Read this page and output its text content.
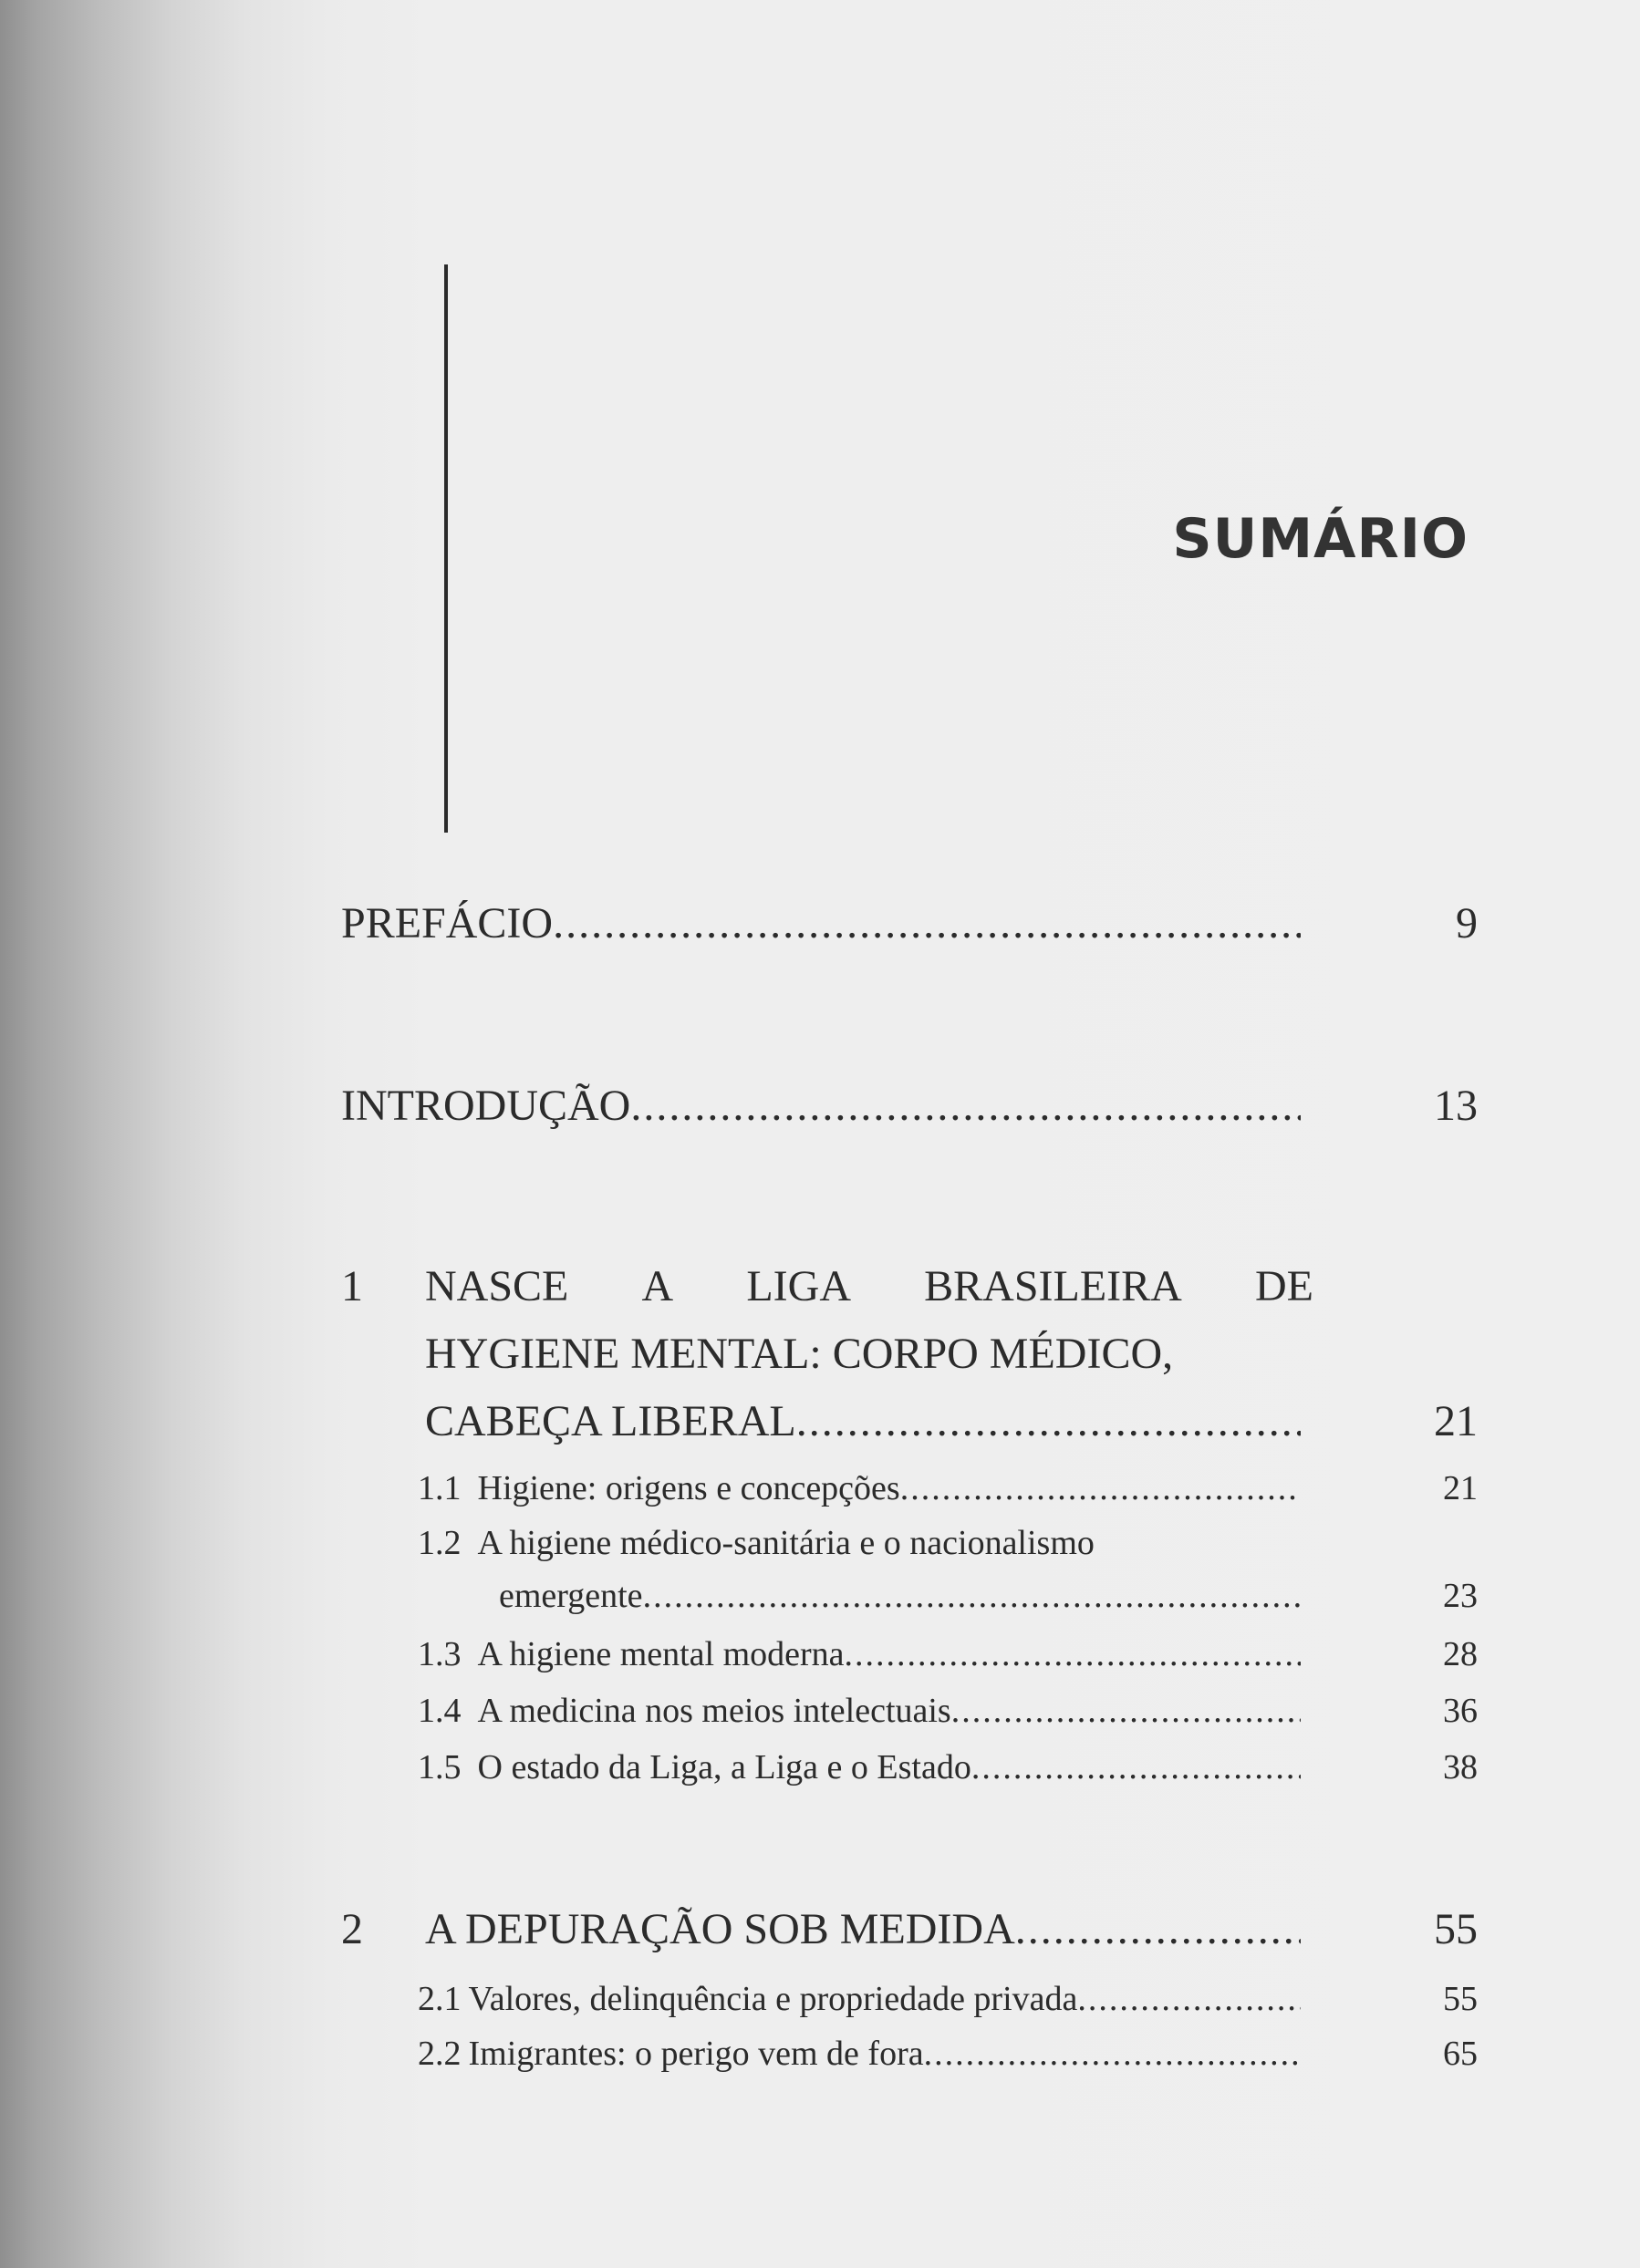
SUMÁRIO
PREFÁCIO .....	9
INTRODUÇÃO .....	13
1 NASCE A LIGA BRASILEIRA DE
HYGIENE MENTAL: CORPO MÉDICO,
CABEÇA LIBERAL .....	21
1.1 Higiene: origens e concepções .....	21
1.2 A higiene médico-sanitária e o nacionalismo
emergente .....	23
1.3 A higiene mental moderna .....	28
1.4 A medicina nos meios intelectuais .....	36
1.5 O estado da Liga, a Liga e o Estado .....	38
2 A DEPURAÇÃO SOB MEDIDA .....	55
2.1 Valores, delinquência e propriedade privada .....	55
2.2 Imigrantes: o perigo vem de fora .....	65
